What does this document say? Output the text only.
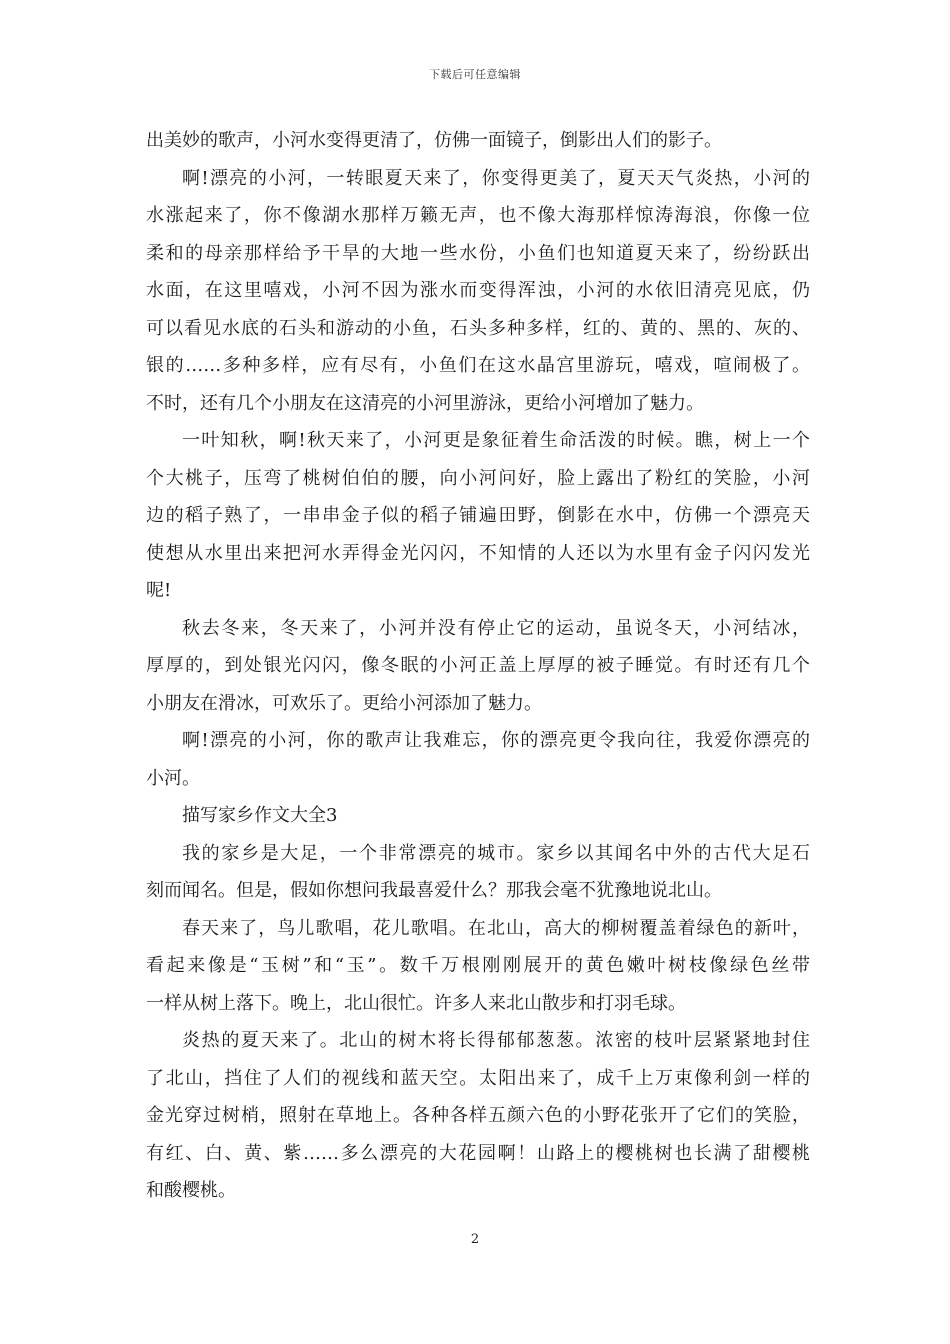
下载后可任意编辑
出美妙的歌声，小河水变得更清了，仿佛一面镜子，倒影出人们的影子。
啊!漂亮的小河，一转眼夏天来了，你变得更美了，夏天天气炎热，小河的
水涨起来了，你不像湖水那样万籁无声，也不像大海那样惊涛海浪，你像一位
柔和的母亲那样给予干旱的大地一些水份，小鱼们也知道夏天来了，纷纷跃出
水面，在这里嘻戏，小河不因为涨水而变得浑浊，小河的水依旧清亮见底，仍
可以看见水底的石头和游动的小鱼，石头多种多样，红的、黄的、黑的、灰的、
银的……多种多样，应有尽有，小鱼们在这水晶宫里游玩，嘻戏，喧闹极了。
不时，还有几个小朋友在这清亮的小河里游泳，更给小河增加了魅力。
一叶知秋，啊!秋天来了，小河更是象征着生命活泼的时候。瞧，树上一个
个大桃子，压弯了桃树伯伯的腰，向小河问好，脸上露出了粉红的笑脸，小河
边的稻子熟了，一串串金子似的稻子铺遍田野，倒影在水中，仿佛一个漂亮天
使想从水里出来把河水弄得金光闪闪，不知情的人还以为水里有金子闪闪发光
呢!
秋去冬来，冬天来了，小河并没有停止它的运动，虽说冬天，小河结冰，
厚厚的，到处银光闪闪，像冬眠的小河正盖上厚厚的被子睡觉。有时还有几个
小朋友在滑冰，可欢乐了。更给小河添加了魅力。
啊!漂亮的小河，你的歌声让我难忘，你的漂亮更令我向往，我爱你漂亮的
小河。
描写家乡作文大全3
我的家乡是大足，一个非常漂亮的城市。家乡以其闻名中外的古代大足石
刻而闻名。但是，假如你想问我最喜爱什么？那我会毫不犹豫地说北山。
春天来了，鸟儿歌唱，花儿歌唱。在北山，高大的柳树覆盖着绿色的新叶，
看起来像是“玉树”和“玉”。数千万根刚刚展开的黄色嫩叶树枝像绿色丝带
一样从树上落下。晚上，北山很忙。许多人来北山散步和打羽毛球。
炎热的夏天来了。北山的树木将长得郁郁葱葱。浓密的枝叶层紧紧地封住
了北山，挡住了人们的视线和蓝天空。太阳出来了，成千上万束像利剑一样的
金光穿过树梢，照射在草地上。各种各样五颜六色的小野花张开了它们的笑脸，
有红、白、黄、紫……多么漂亮的大花园啊！山路上的樱桃树也长满了甜樱桃
和酸樱桃。
2
